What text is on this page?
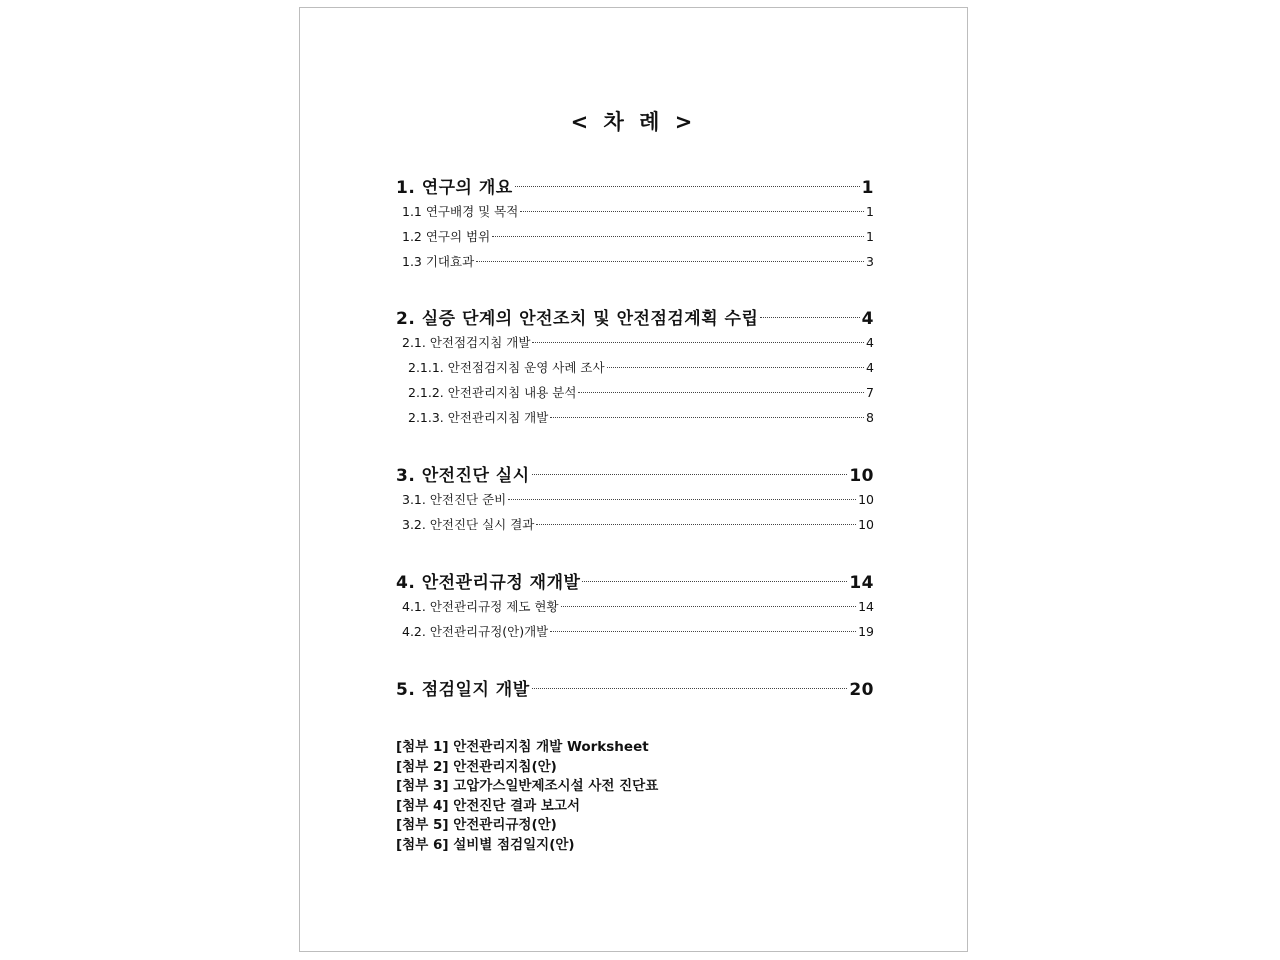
< 차 례 >
1. 연구의 개요	1
1.1 연구배경 및 목적	1
1.2 연구의 범위	1
1.3 기대효과	3
2. 실증 단계의 안전조치 및 안전점검계획 수립	4
2.1. 안전점검지침 개발	4
2.1.1. 안전점검지침 운영 사례 조사	4
2.1.2. 안전관리지침 내용 분석	7
2.1.3. 안전관리지침 개발	8
3. 안전진단 실시	10
3.1. 안전진단 준비	10
3.2. 안전진단 실시 결과	10
4. 안전관리규정 재개발	14
4.1. 안전관리규정 제도 현황	14
4.2. 안전관리규정(안)개발	19
5. 점검일지 개발	20
[첨부 1] 안전관리지침 개발 Worksheet
[첨부 2] 안전관리지침(안)
[첨부 3] 고압가스일반제조시설 사전 진단표
[첨부 4] 안전진단 결과 보고서
[첨부 5] 안전관리규정(안)
[첨부 6] 설비별 점검일지(안)
